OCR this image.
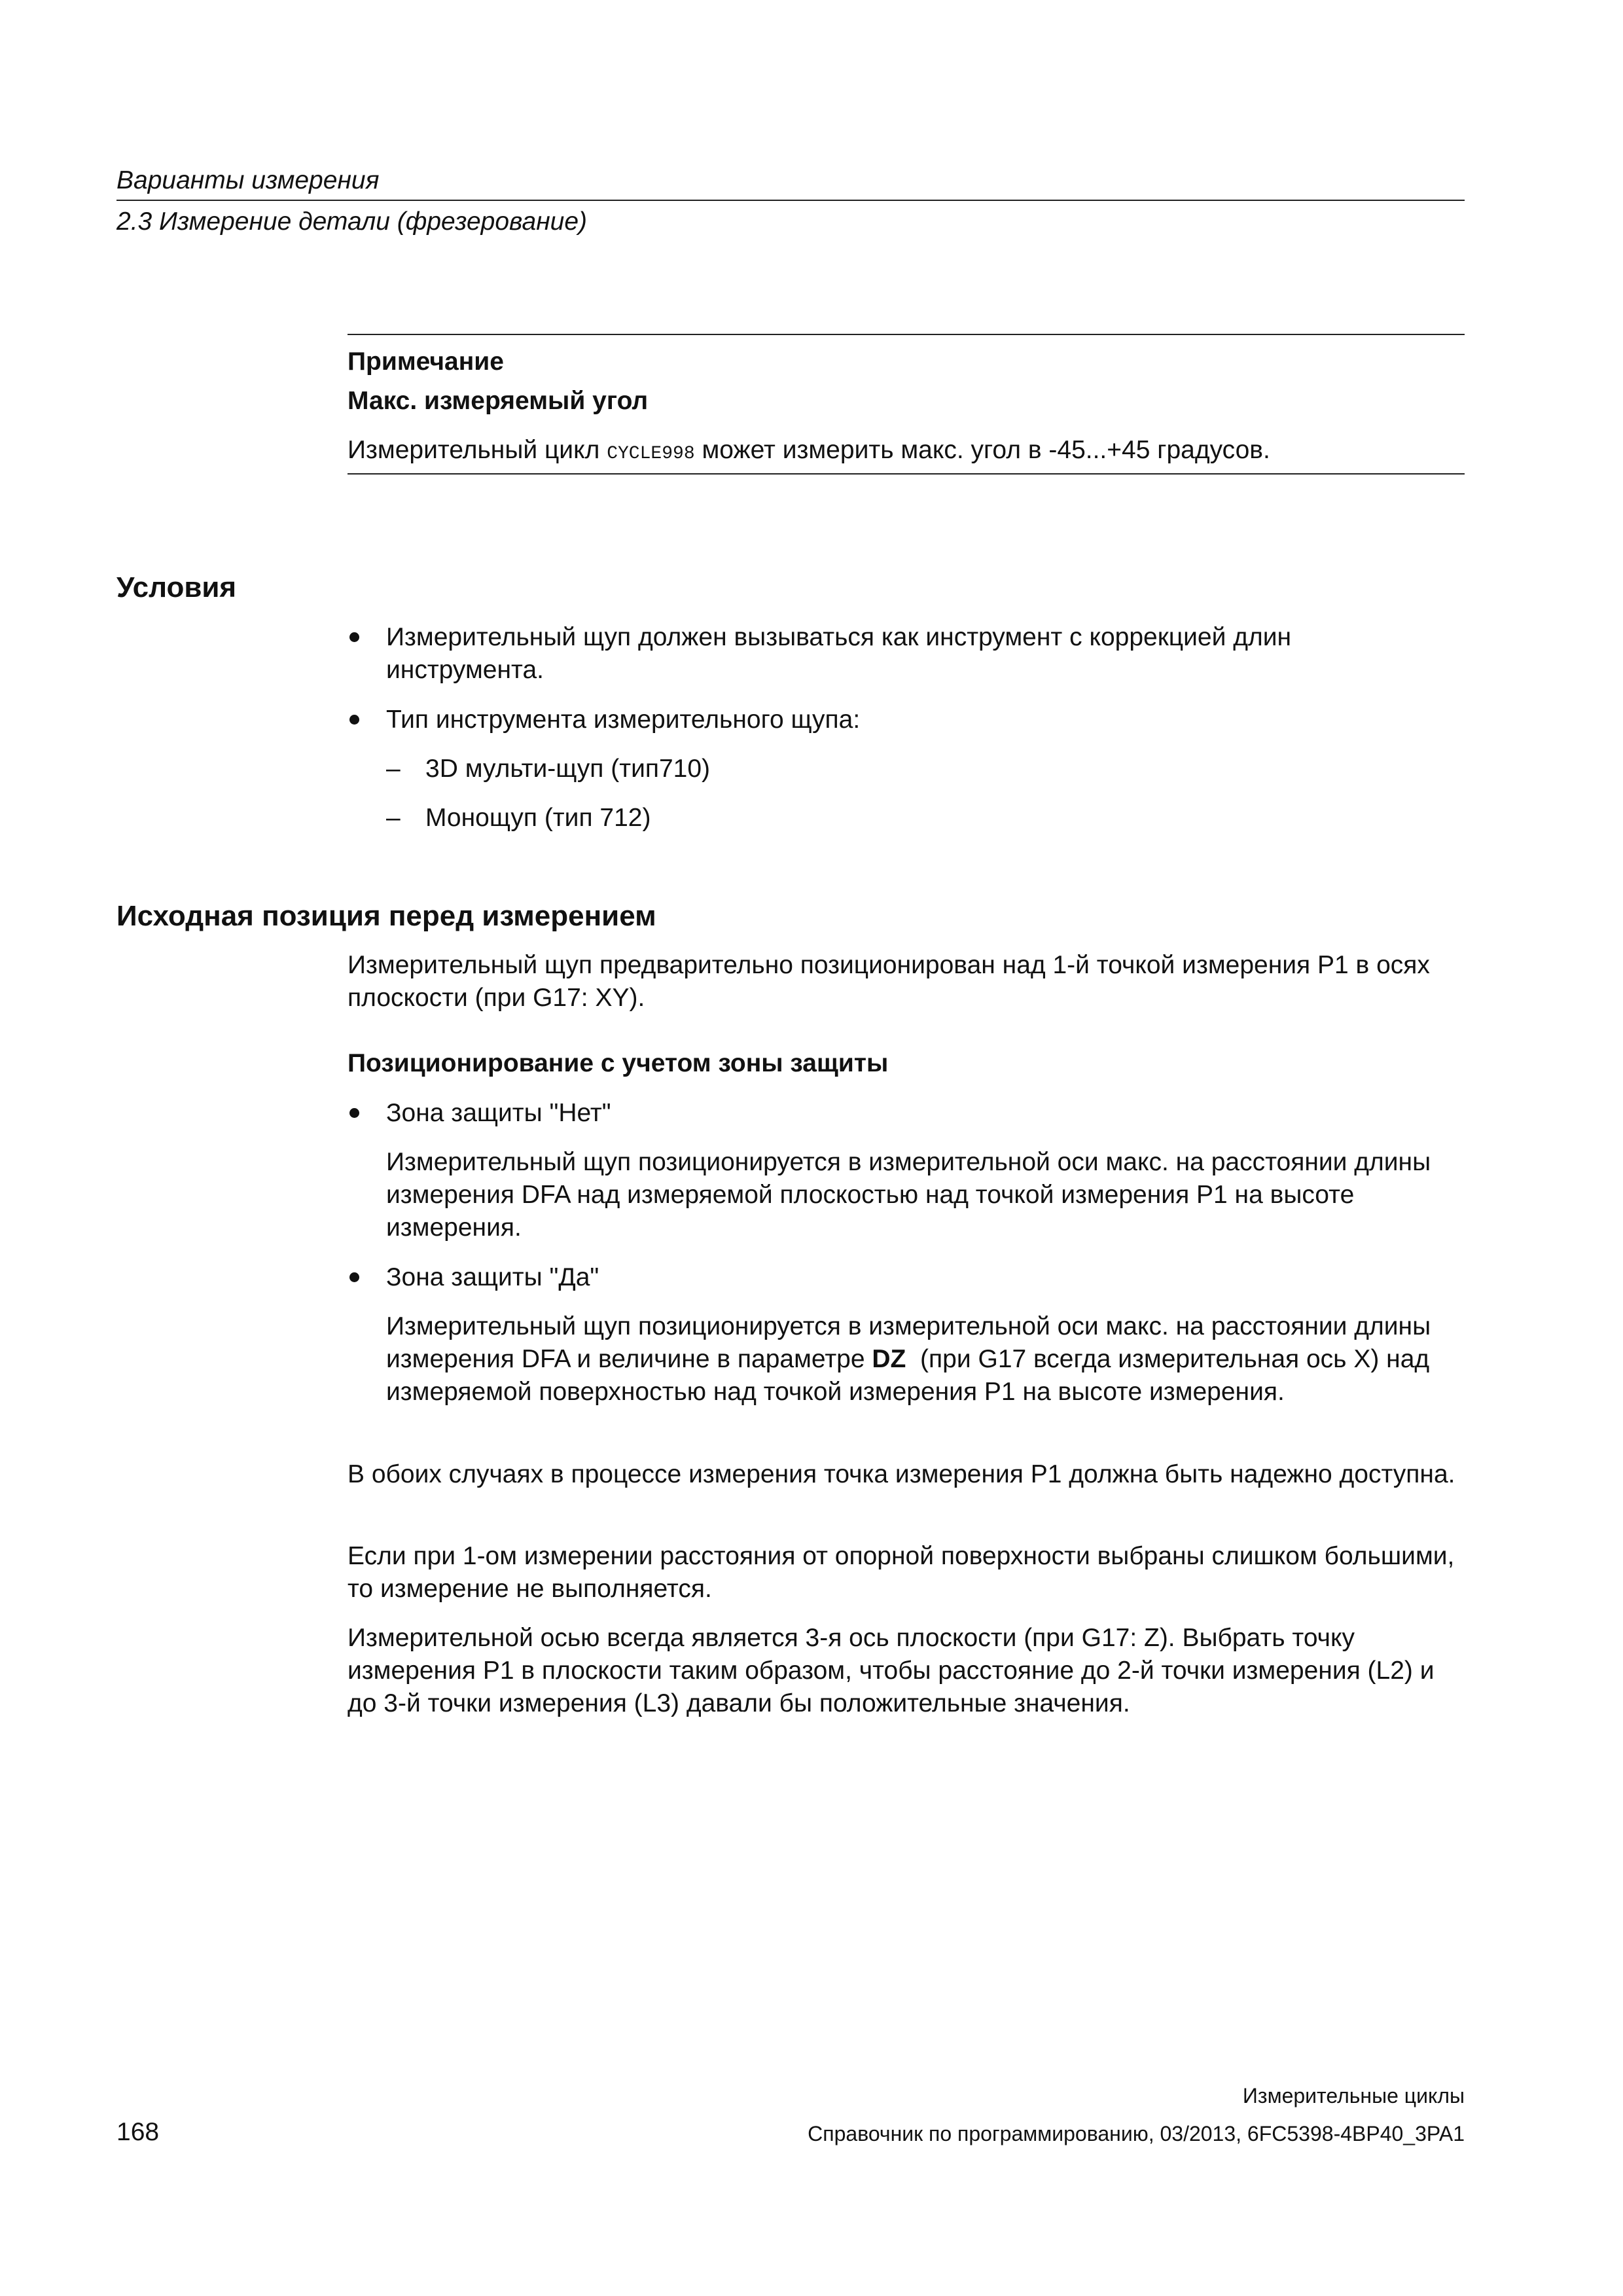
Варианты измерения
2.3 Измерение детали (фрезерование)
Примечание
Макс. измеряемый угол
Измерительный цикл CYCLE998 может измерить макс. угол в -45...+45 градусов.
Условия

Измерительный щуп должен вызываться как инструмент с коррекцией длин инструмента.

Тип инструмента измерительного щупа:

– 3D мульти-щуп (тип710)

– Монощуп (тип 712)

Исходная позиция перед измерением

Измерительный щуп предварительно позиционирован над 1-й точкой измерения P1 в осях плоскости (при G17: XY).

Позиционирование с учетом зоны защиты

Зона защиты "Нет"

Измерительный щуп позиционируется в измерительной оси макс. на расстоянии длины измерения DFA над измеряемой плоскостью над точкой измерения P1 на высоте измерения.

Зона защиты "Да"

Измерительный щуп позиционируется в измерительной оси макс. на расстоянии длины измерения DFA и величине в параметре DZ  (при G17 всегда измерительная ось X) над измеряемой поверхностью над точкой измерения P1 на высоте измерения.

В обоих случаях в процессе измерения точка измерения P1 должна быть надежно доступна.

Если при 1-ом измерении расстояния от опорной поверхности выбраны слишком большими, то измерение не выполняется.

Измерительной осью всегда является 3-я ось плоскости (при G17: Z). Выбрать точку измерения P1 в плоскости таким образом, чтобы расстояние до 2-й точки измерения (L2) и до 3-й точки измерения (L3) давали бы положительные значения.

Измерительные циклы
168	Справочник по программированию, 03/2013, 6FC5398-4BP40_3PA1
